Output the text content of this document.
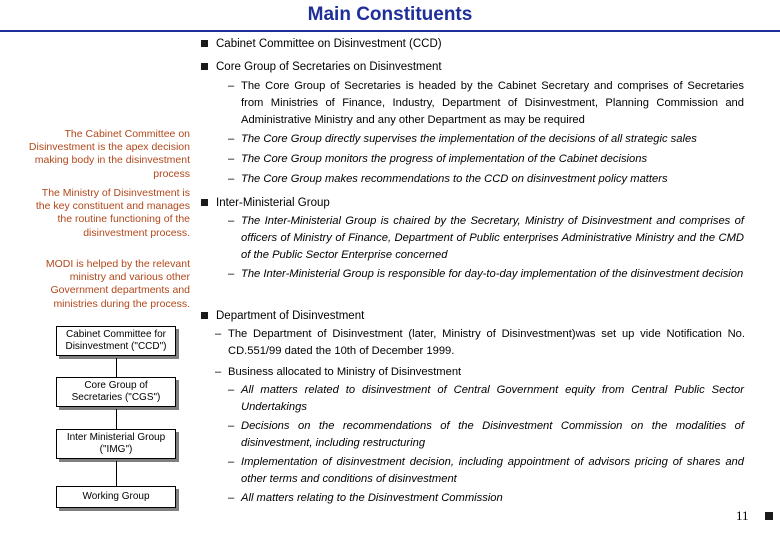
Main Constituents
The Cabinet Committee on Disinvestment is the apex decision making body in the disinvestment process
The Ministry of Disinvestment is the key constituent and manages the routine functioning of the disinvestment process.
MODI is helped by the relevant ministry and various other Government departments and ministries during the process.
Cabinet Committee for Disinvestment ("CCD")
Core Group of Secretaries ("CGS")
Inter Ministerial Group ("IMG")
Working Group
Cabinet Committee on Disinvestment (CCD)
Core Group of Secretaries on Disinvestment
– The Core Group of Secretaries is headed by the Cabinet Secretary and comprises of Secretaries from Ministries of Finance, Industry, Department of Disinvestment, Planning Commission and Administrative Ministry and any other Department as may be required
– The Core Group directly supervises the implementation of the decisions of all strategic sales
– The Core Group monitors the progress of implementation of the Cabinet decisions
– The Core Group makes recommendations to the CCD on disinvestment policy matters
Inter-Ministerial Group
– The Inter-Ministerial Group is chaired by the Secretary, Ministry of Disinvestment and comprises of officers of Ministry of Finance, Department of Public enterprises Administrative Ministry and the CMD of the Public Sector Enterprise concerned
– The Inter-Ministerial Group is responsible for day-to-day implementation of the disinvestment decision
Department of Disinvestment
– The Department of Disinvestment (later, Ministry of Disinvestment)was set up vide Notification No. CD.551/99 dated the 10th of December 1999.
– Business allocated to Ministry of Disinvestment
– All matters related to disinvestment of Central Government equity from Central Public Sector Undertakings
– Decisions on the recommendations of the Disinvestment Commission on the modalities of disinvestment, including restructuring
– Implementation of disinvestment decision, including appointment of advisors pricing of shares and other terms and conditions of disinvestment
– All matters relating to the Disinvestment Commission
11
